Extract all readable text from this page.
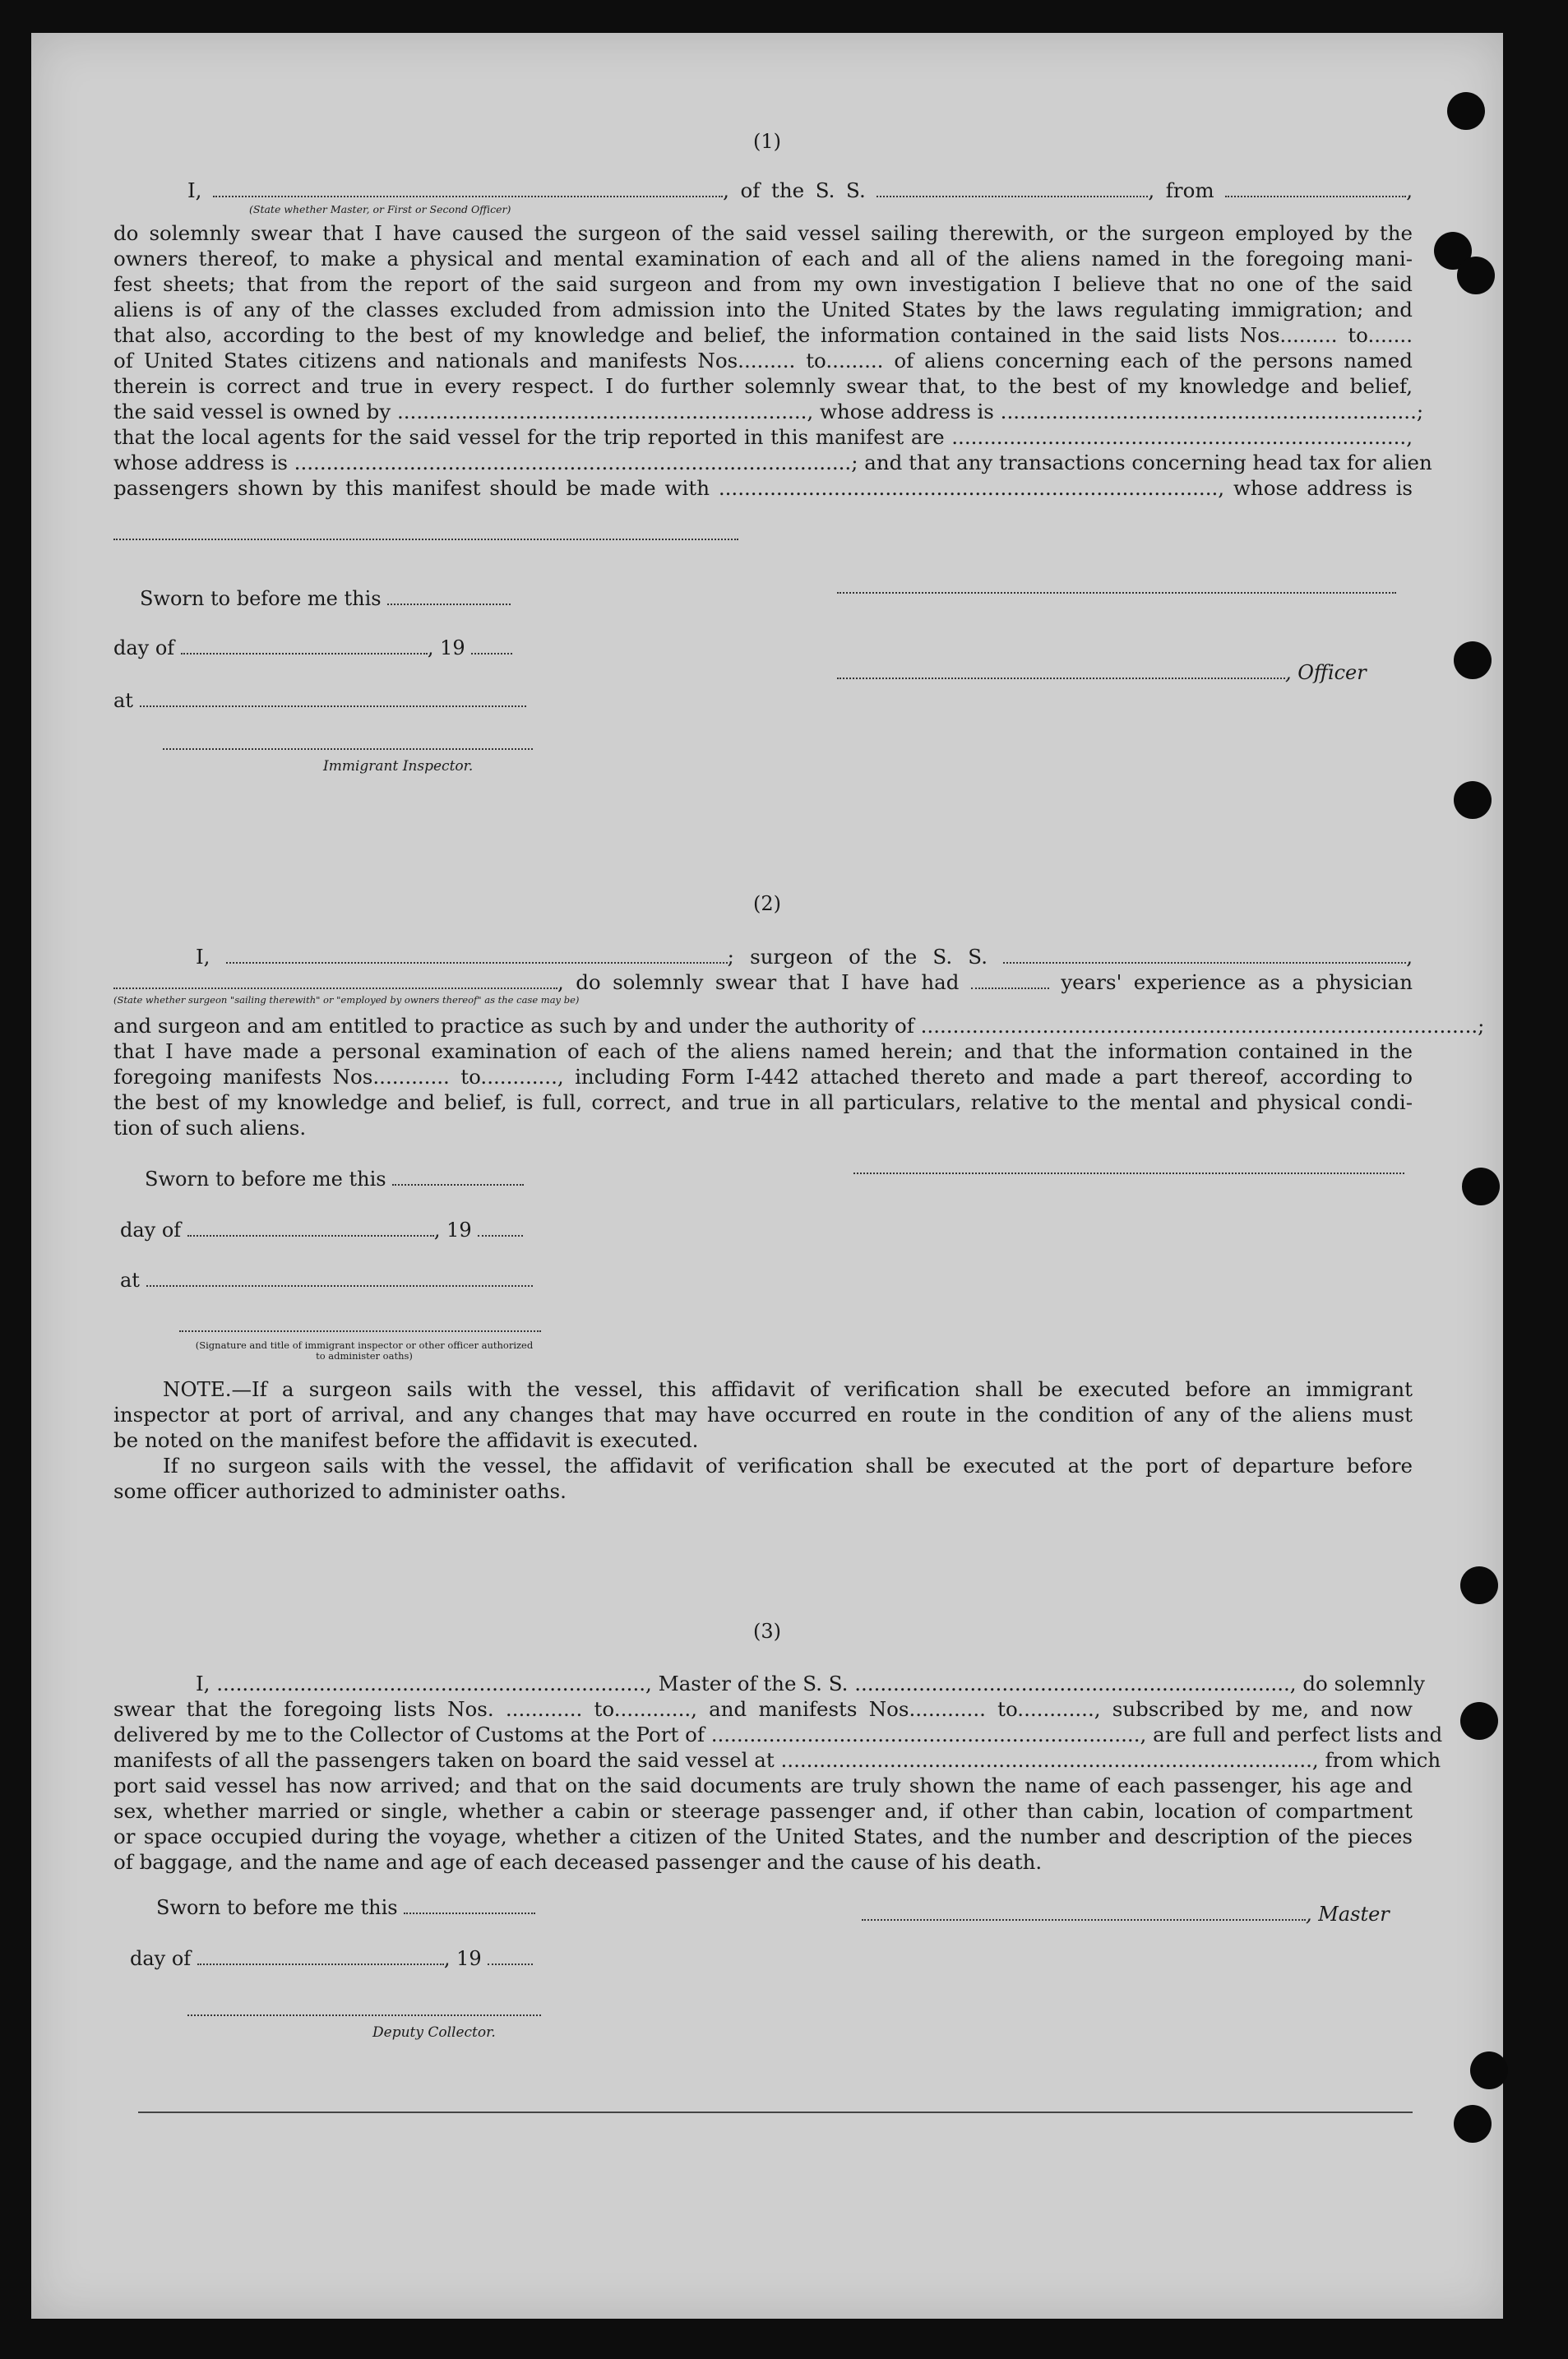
(1)
I,	, of the S. S.	, from	,
(State whether Master, or First or Second Officer)
do solemnly swear that I have caused the surgeon of the said vessel sailing therewith, or the surgeon employed by the
owners thereof, to make a physical and mental examination of each and all of the aliens named in the foregoing mani-
fest sheets; that from the report of the said surgeon and from my own investigation I believe that no one of the said
aliens is of any of the classes excluded from admission into the United States by the laws regulating immigration; and
that also, according to the best of my knowledge and belief, the information contained in the said lists Nos......... to.......
of United States citizens and nationals and manifests Nos......... to......... of aliens concerning each of the persons named
therein is correct and true in every respect. I do further solemnly swear that, to the best of my knowledge and belief,
the said vessel is owned by ................................................................, whose address is .................................................................;
that the local agents for the said vessel for the trip reported in this manifest are .......................................................................,
whose address is .......................................................................................; and that any transactions concerning head tax for alien
passengers shown by this manifest should be made with .............................................................................., whose address is
Sworn to before me this
day of	, 19
, Officer
at
Immigrant Inspector.
(2)
I,	; surgeon of the S. S.	,
, do solemnly swear that I have had	years' experience as a physician
(State whether surgeon "sailing therewith" or "employed by owners thereof" as the case may be)
and surgeon and am entitled to practice as such by and under the authority of .......................................................................................;
that I have made a personal examination of each of the aliens named herein; and that the information contained in the
foregoing manifests Nos............ to............, including Form I-442 attached thereto and made a part thereof, according to
the best of my knowledge and belief, is full, correct, and true in all particulars, relative to the mental and physical condi-
tion of such aliens.
Sworn to before me this
day of	, 19
at
(Signature and title of immigrant inspector or other officer authorized to administer oaths)
NOTE.—If a surgeon sails with the vessel, this affidavit of verification shall be executed before an immigrant
inspector at port of arrival, and any changes that may have occurred en route in the condition of any of the aliens must
be noted on the manifest before the affidavit is executed.
If no surgeon sails with the vessel, the affidavit of verification shall be executed at the port of departure before
some officer authorized to administer oaths.
(3)
I, ..................................................................., Master of the S. S. ...................................................................., do solemnly
swear that the foregoing lists Nos. ............ to............, and manifests Nos............ to............, subscribed by me, and now
delivered by me to the Collector of Customs at the Port of ..................................................................., are full and perfect lists and
manifests of all the passengers taken on board the said vessel at ..................................................................................., from which
port said vessel has now arrived; and that on the said documents are truly shown the name of each passenger, his age and
sex, whether married or single, whether a cabin or steerage passenger and, if other than cabin, location of compartment
or space occupied during the voyage, whether a citizen of the United States, and the number and description of the pieces
of baggage, and the name and age of each deceased passenger and the cause of his death.
Sworn to before me this	, Master
day of	, 19
Deputy Collector.
